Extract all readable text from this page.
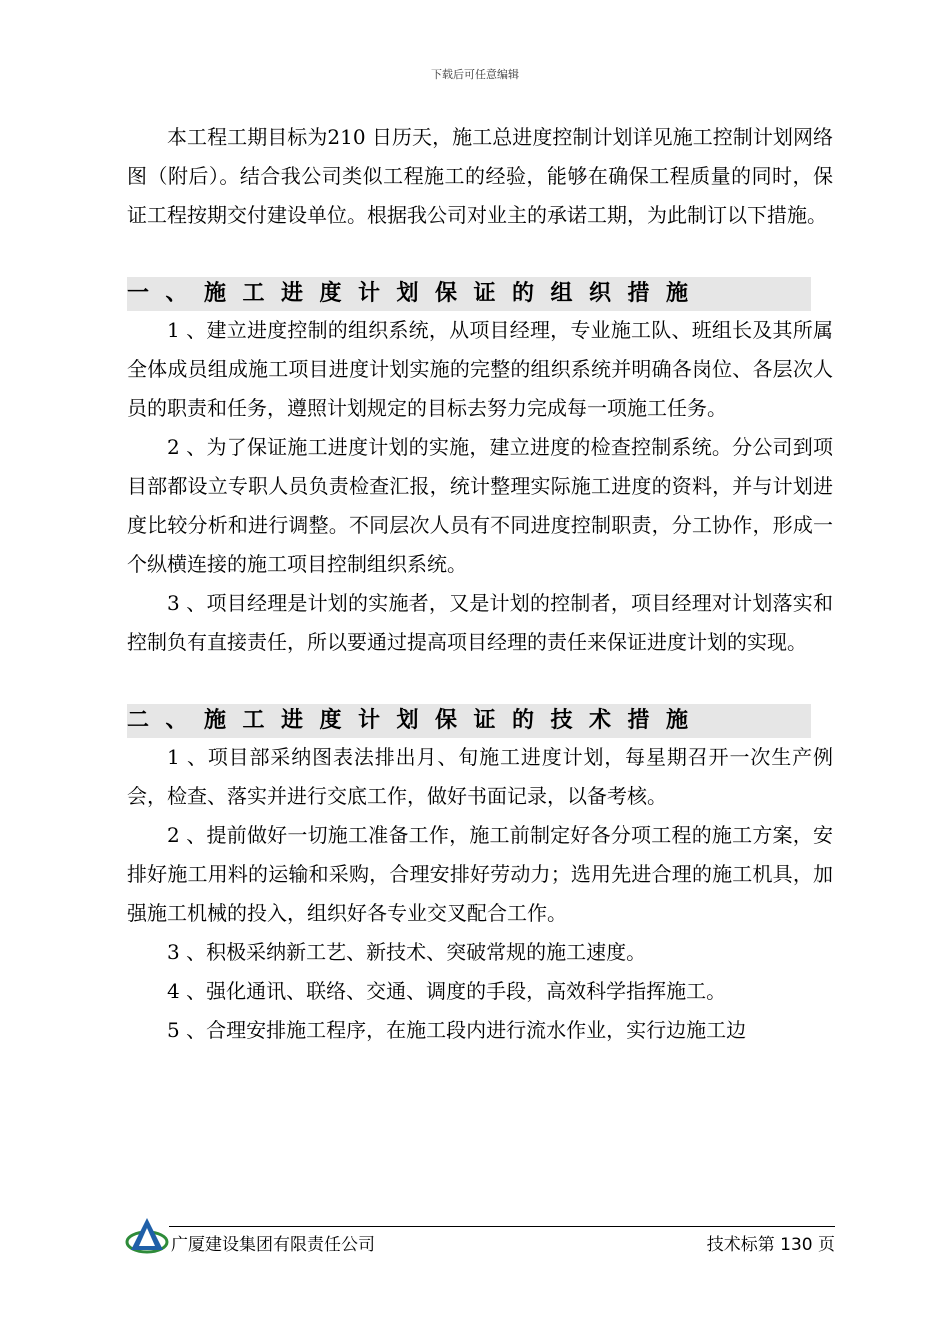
下载后可任意编辑

本工程工期目标为210 日历天，施工总进度控制计划详见施工控制计划网络图（附后）。结合我公司类似工程施工的经验，能够在确保工程质量的同时，保证工程按期交付建设单位。根据我公司对业主的承诺工期，为此制订以下措施。

一、施工进度计划保证的组织措施

1 、建立进度控制的组织系统，从项目经理，专业施工队、班组长及其所属全体成员组成施工项目进度计划实施的完整的组织系统并明确各岗位、各层次人员的职责和任务，遵照计划规定的目标去努力完成每一项施工任务。

2 、为了保证施工进度计划的实施，建立进度的检查控制系统。分公司到项目部都设立专职人员负责检查汇报，统计整理实际施工进度的资料，并与计划进度比较分析和进行调整。不同层次人员有不同进度控制职责，分工协作，形成一个纵横连接的施工项目控制组织系统。

3 、项目经理是计划的实施者，又是计划的控制者，项目经理对计划落实和控制负有直接责任，所以要通过提高项目经理的责任来保证进度计划的实现。

二、施工进度计划保证的技术措施

1 、项目部采纳图表法排出月、旬施工进度计划，每星期召开一次生产例会，检查、落实并进行交底工作，做好书面记录，以备考核。

2 、提前做好一切施工准备工作，施工前制定好各分项工程的施工方案，安排好施工用料的运输和采购，合理安排好劳动力；选用先进合理的施工机具，加强施工机械的投入，组织好各专业交叉配合工作。

3 、积极采纳新工艺、新技术、突破常规的施工速度。

4 、强化通讯、联络、交通、调度的手段，高效科学指挥施工。

5 、合理安排施工程序，在施工段内进行流水作业，实行边施工边

广厦建设集团有限责任公司	技术标第 130 页
